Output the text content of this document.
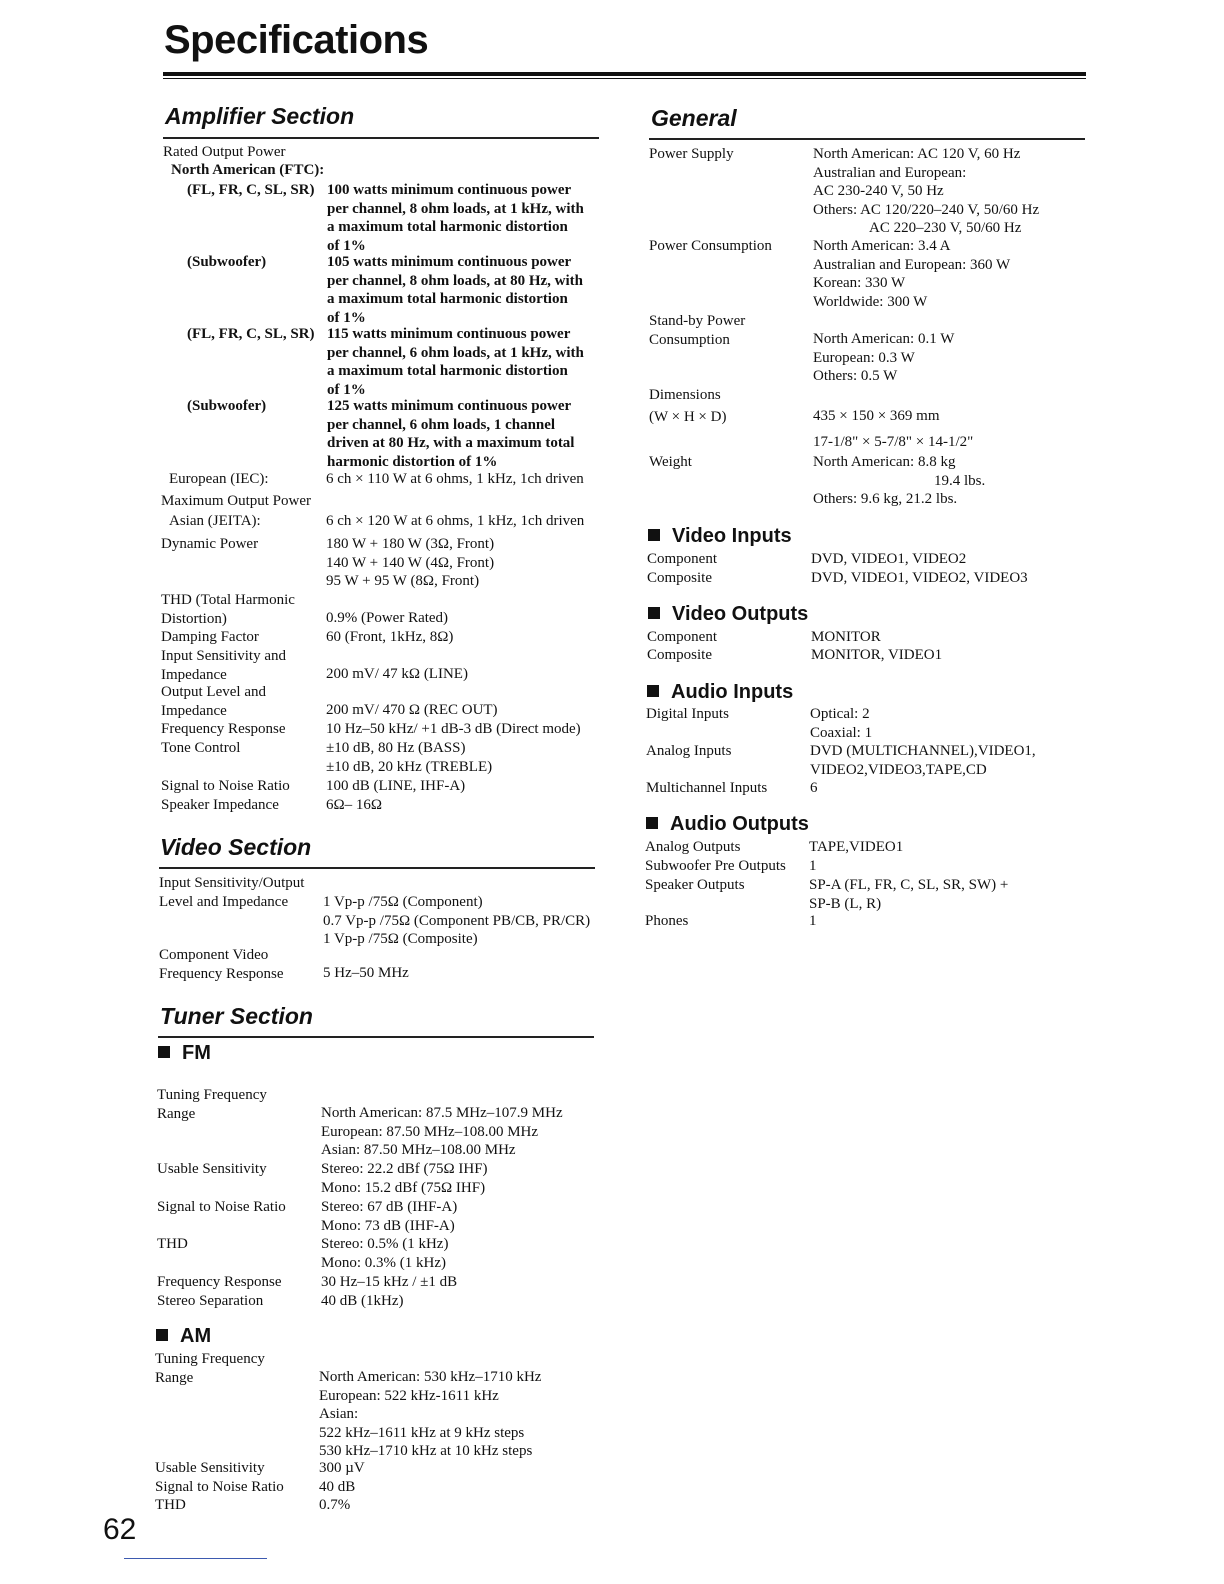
Specifications
Amplifier Section
Rated Output Power
North American (FTC):
(FL, FR, C, SL, SR) 100 watts minimum continuous power
per channel, 8 ohm loads, at 1 kHz, with
a maximum total harmonic distortion
of 1%
(Subwoofer)	105 watts minimum continuous power
per channel, 8 ohm loads, at 80 Hz, with
a maximum total harmonic distortion
of 1%
(FL, FR, C, SL, SR) 115 watts minimum continuous power
per channel, 6 ohm loads, at 1 kHz, with
a maximum total harmonic distortion
of 1%
(Subwoofer)	125 watts minimum continuous power
per channel, 6 ohm loads, 1 channel
driven at 80 Hz, with a maximum total
harmonic distortion of 1%
European (IEC):	6 ch × 110 W at 6 ohms, 1 kHz, 1ch driven
Maximum Output Power
Asian (JEITA):	6 ch × 120 W at 6 ohms, 1 kHz, 1ch driven
Dynamic Power	180 W + 180 W (3Ω, Front)
140 W + 140 W (4Ω, Front)
95 W + 95 W (8Ω, Front)
THD (Total Harmonic
Distortion)	0.9% (Power Rated)
Damping Factor	60 (Front, 1kHz, 8Ω)
Input Sensitivity and
Impedance	200 mV/ 47 kΩ (LINE)
Output Level and
Impedance	200 mV/ 470 Ω (REC OUT)
Frequency Response	10 Hz–50 kHz/ +1 dB-3 dB (Direct mode)
Tone Control	±10 dB, 80 Hz (BASS)
±10 dB, 20 kHz (TREBLE)
Signal to Noise Ratio 100 dB (LINE, IHF-A)
Speaker Impedance	6Ω– 16Ω
Video Section
Input Sensitivity/Output
Level and Impedance	1 Vp-p /75Ω (Component)
0.7 Vp-p /75Ω (Component PB/CB, PR/CR)
1 Vp-p /75Ω (Composite)
Component Video
Frequency Response	5 Hz–50 MHz
Tuner Section
FM
Tuning Frequency
Range	North American: 87.5 MHz–107.9 MHz
European: 87.50 MHz–108.00 MHz
Asian: 87.50 MHz–108.00 MHz
Usable Sensitivity	Stereo: 22.2 dBf (75Ω IHF)
Mono: 15.2 dBf (75Ω IHF)
Signal to Noise Ratio Stereo: 67 dB (IHF-A)
Mono: 73 dB (IHF-A)
THD	Stereo: 0.5% (1 kHz)
Mono: 0.3% (1 kHz)
Frequency Response	30 Hz–15 kHz / ±1 dB
Stereo Separation	40 dB (1kHz)
AM
Tuning Frequency
Range	North American: 530 kHz–1710 kHz
European: 522 kHz-1611 kHz
Asian:
522 kHz–1611 kHz at 9 kHz steps
530 kHz–1710 kHz at 10 kHz steps
Usable Sensitivity	300 µV
Signal to Noise Ratio 40 dB
THD	0.7%
General
Power Supply	North American: AC 120 V, 60 Hz
Australian and European:
AC 230-240 V, 50 Hz
Others: AC 120/220–240 V, 50/60 Hz
AC 220–230 V, 50/60 Hz
Power Consumption	North American: 3.4 A
Australian and European: 360 W
Korean: 330 W
Worldwide: 300 W
Stand-by Power
Consumption	North American: 0.1 W
European: 0.3 W
Others: 0.5 W
Dimensions
(W × H × D)	435 × 150 × 369 mm
17-1/8" × 5-7/8" × 14-1/2"
Weight	North American: 8.8 kg
19.4 lbs.
Others: 9.6 kg, 21.2 lbs.
Video Inputs
Component	DVD, VIDEO1, VIDEO2
Composite	DVD, VIDEO1, VIDEO2, VIDEO3
Video Outputs
Component	MONITOR
Composite	MONITOR, VIDEO1
Audio Inputs
Digital Inputs	Optical: 2
Coaxial: 1
Analog Inputs	DVD (MULTICHANNEL),VIDEO1,
VIDEO2,VIDEO3,TAPE,CD
Multichannel Inputs	6
Audio Outputs
Analog Outputs	TAPE,VIDEO1
Subwoofer Pre Outputs 1
Speaker Outputs	SP-A (FL, FR, C, SL, SR, SW) +
SP-B (L, R)
Phones	1
62
